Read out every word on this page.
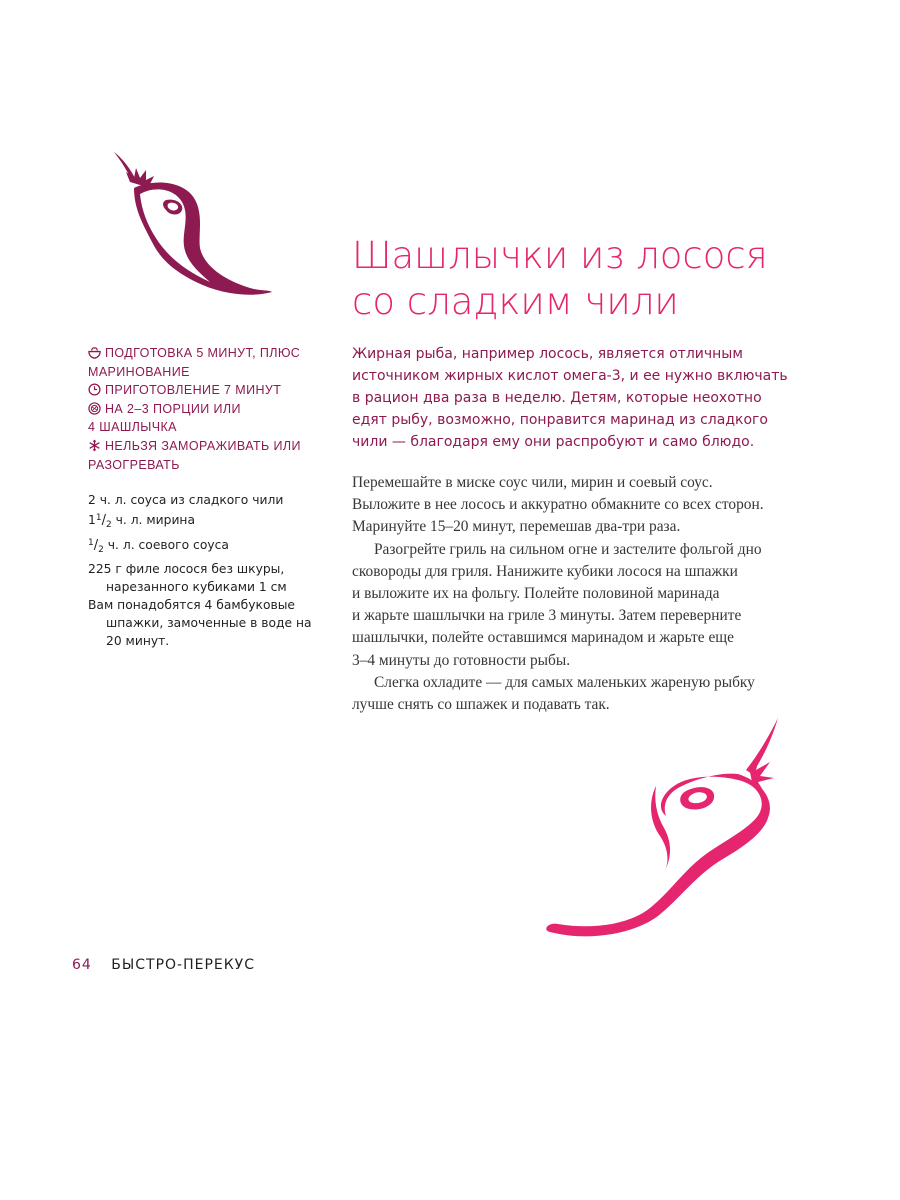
Шашлычки из лосося
со сладким чили
ПОДГОТОВКА 5 МИНУТ, ПЛЮС
МАРИНОВАНИЕ
ПРИГОТОВЛЕНИЕ 7 МИНУТ
НА 2–3 ПОРЦИИ ИЛИ
4 ШАШЛЫЧКА
НЕЛЬЗЯ ЗАМОРАЖИВАТЬ ИЛИ
РАЗОГРЕВАТЬ
2 ч. л. соуса из сладкого чили
$1^1/_2$ ч. л. мирина
$^1/_2$ ч. л. соевого соуса
225 г филе лосося без шкуры, нарезанного кубиками 1 см
Вам понадобятся 4 бамбуковые шпажки, замоченные в воде на 20 минут.

Жирная рыба, например лосось, является отличным
источником жирных кислот омега-3, и ее нужно включать
в рацион два раза в неделю. Детям, которые неохотно
едят рыбу, возможно, понравится маринад из сладкого
чили — благодаря ему они распробуют и само блюдо.

Перемешайте в миске соус чили, мирин и соевый соус.
Выложите в нее лосось и аккуратно обмакните со всех сторон.
Маринуйте 15–20 минут, перемешав два-три раза.
Разогрейте гриль на сильном огне и застелите фольгой дно
сковороды для гриля. Нанижите кубики лосося на шпажки
и выложите их на фольгу. Полейте половиной маринада
и жарьте шашлычки на гриле 3 минуты. Затем переверните
шашлычки, полейте оставшимся маринадом и жарьте еще
3–4 минуты до готовности рыбы.
Слегка охладите — для самых маленьких жареную рыбку
лучше снять со шпажек и подавать так.
64 БЫСТРО-ПЕРЕКУС
